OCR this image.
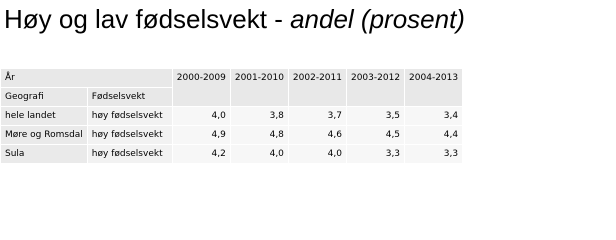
Høy og lav fødselsvekt - andel (prosent)
År		2000-2009	2001-2010	2002-2011	2003-2012	2004-2013
Geografi	Fødselsvekt					
hele landet	høy fødselsvekt	4,0	3,8	3,7	3,5	3,4
Møre og Romsdal	høy fødselsvekt	4,9	4,8	4,6	4,5	4,4
Sula	høy fødselsvekt	4,2	4,0	4,0	3,3	3,3
